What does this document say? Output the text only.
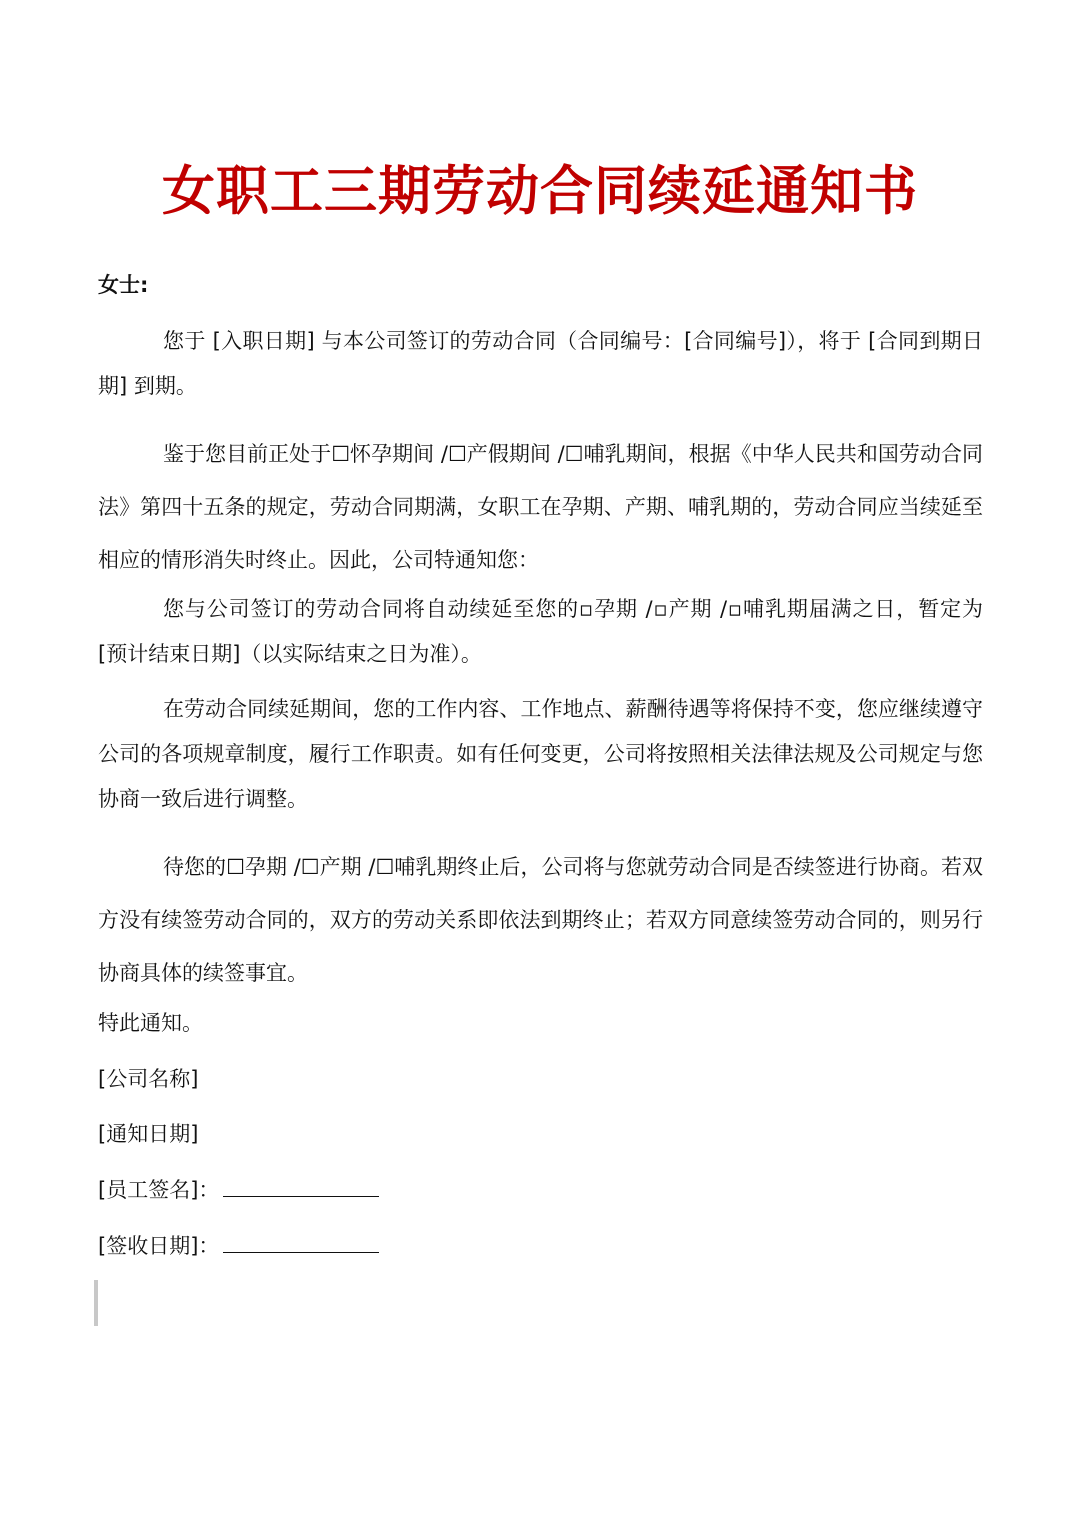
女职工三期劳动合同续延通知书
女士:

您于 [入职日期] 与本公司签订的劳动合同（合同编号：[合同编号]），将于 [合同到期日期] 到期。

鉴于您目前正处于☐怀孕期间 /☐产假期间 /☐哺乳期间，根据《中华人民共和国劳动合同法》第四十五条的规定，劳动合同期满，女职工在孕期、产期、哺乳期的，劳动合同应当续延至相应的情形消失时终止。因此，公司特通知您：

您与公司签订的劳动合同将自动续延至您的▫孕期 /▫产期 /▫哺乳期届满之日，暂定为 [预计结束日期]（以实际结束之日为准）。

在劳动合同续延期间，您的工作内容、工作地点、薪酬待遇等将保持不变，您应继续遵守公司的各项规章制度，履行工作职责。如有任何变更，公司将按照相关法律法规及公司规定与您协商一致后进行调整。

待您的☐孕期 /☐产期 /☐哺乳期终止后，公司将与您就劳动合同是否续签进行协商。若双方没有续签劳动合同的，双方的劳动关系即依法到期终止；若双方同意续签劳动合同的，则另行协商具体的续签事宜。

特此通知。
[公司名称]
[通知日期]
[员工签名]：
[签收日期]：
